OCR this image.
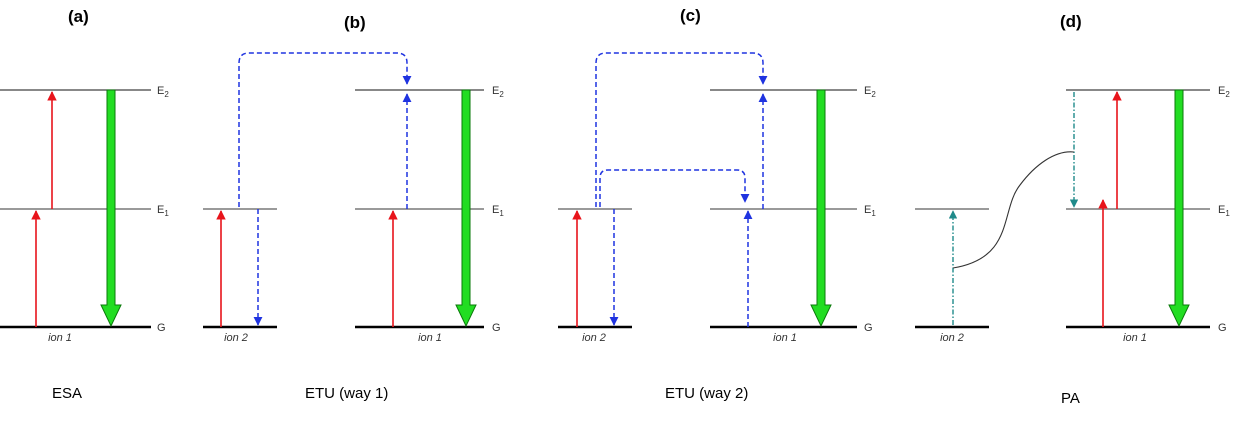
(a)
ion 1
$E_2$
$E_1$
G
ESA
(b)
ion 2	ion 1
$E_2$
$E_1$
G
ETU (way 1)
(c)
ion 2	ion 1
$E_2$
$E_1$
G
ETU (way 2)
(d)
ion 2	ion 1
$E_2$
$E_1$
G
PA
